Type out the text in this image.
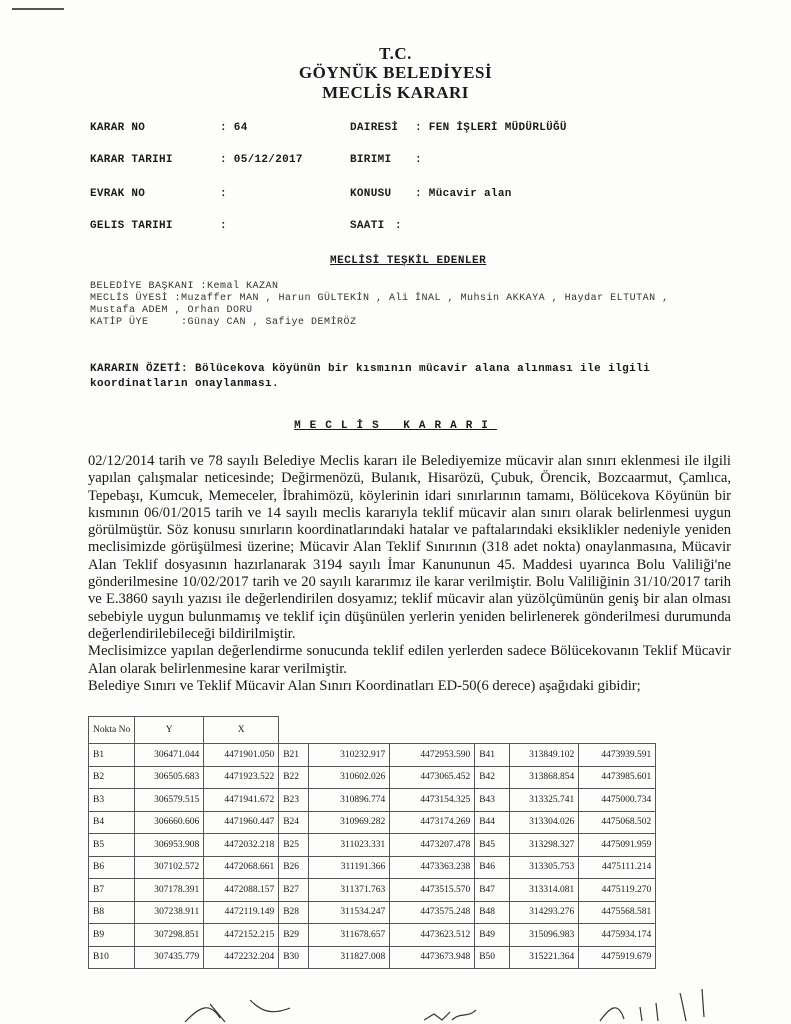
T.C.
GÖYNÜK BELEDİYESİ
MECLİS KARARI
KARAR NO	: 64	DAIRESİ : FEN İŞLERİ MÜDÜRLÜĞÜ
KARAR TARIHI	: 05/12/2017	BIRIMI :
EVRAK NO	:	KONUSU : Mücavir alan
GELIS TARIHI	:	SAATI :
MECLİSİ TEŞKİL EDENLER
BELEDİYE BAŞKANI :Kemal KAZAN
MECLİS ÜYESİ :Muzaffer MAN , Harun GÜLTEKİN , Ali İNAL , Muhsin AKKAYA , Haydar ELTUTAN ,
Mustafa ADEM , Orhan DORU
KATİP ÜYE     :Günay CAN , Safiye DEMİRÖZ
KARARIN ÖZETİ: Bölücekova köyünün bir kısmının mücavir alana alınması ile ilgili
koordinatların onaylanması.
MECLİS KARARI

02/12/2014 tarih ve 78 sayılı Belediye Meclis kararı ile Belediyemize mücavir alan sınırı eklenmesi ile ilgili yapılan çalışmalar neticesinde; Değirmenözü, Bulanık, Hisarözü, Çubuk, Örencik, Bozcaarmut, Çamlıca, Tepebaşı, Kumcuk, Memeceler, İbrahimözü, köylerinin idari sınırlarının tamamı, Bölücekova Köyünün bir kısmının 06/01/2015 tarih ve 14 sayılı meclis kararıyla teklif mücavir alan sınırı olarak belirlenmesi uygun görülmüştür. Söz konusu sınırların koordinatlarındaki hatalar ve paftalarındaki eksiklikler nedeniyle yeniden meclisimizde görüşülmesi üzerine; Mücavir Alan Teklif Sınırının (318 adet nokta) onaylanmasına, Mücavir Alan Teklif dosyasının hazırlanarak 3194 sayılı İmar Kanununun 45. Maddesi uyarınca Bolu Valiliği'ne gönderilmesine 10/02/2017 tarih ve 20 sayılı kararımız ile karar verilmiştir. Bolu Valiliğinin 31/10/2017 tarih ve E.3860 sayılı yazısı ile değerlendirilen dosyamız; teklif mücavir alan yüzölçümünün geniş bir alan olması sebebiyle uygun bulunmamış ve teklif için düşünülen yerlerin yeniden belirlenerek gönderilmesi durumunda değerlendirilebileceği bildirilmiştir.

Meclisimizce yapılan değerlendirme sonucunda teklif edilen yerlerden sadece Bölücekovanın Teklif Mücavir Alan olarak belirlenmesine karar verilmiştir.

Belediye Sınırı ve Teklif Mücavir Alan Sınırı Koordinatları ED-50(6 derece) aşağıdaki gibidir;

Nokta No	Y	X						
B1	306471.044	4471901.050	B21	310232.917	4472953.590	B41	313849.102	4473939.591
B2	306505.683	4471923.522	B22	310602.026	4473065.452	B42	313868.854	4473985.601
B3	306579.515	4471941.672	B23	310896.774	4473154.325	B43	313325.741	4475000.734
B4	306660.606	4471960.447	B24	310969.282	4473174.269	B44	313304.026	4475068.502
B5	306953.908	4472032.218	B25	311023.331	4473207.478	B45	313298.327	4475091.959
B6	307102.572	4472068.661	B26	311191.366	4473363.238	B46	313305.753	4475111.214
B7	307178.391	4472088.157	B27	311371.763	4473515.570	B47	313314.081	4475119.270
B8	307238.911	4472119.149	B28	311534.247	4473575.248	B48	314293.276	4475568.581
B9	307298.851	4472152.215	B29	311678.657	4473623.512	B49	315096.983	4475934.174
B10	307435.779	4472232.204	B30	311827.008	4473673.948	B50	315221.364	4475919.679
